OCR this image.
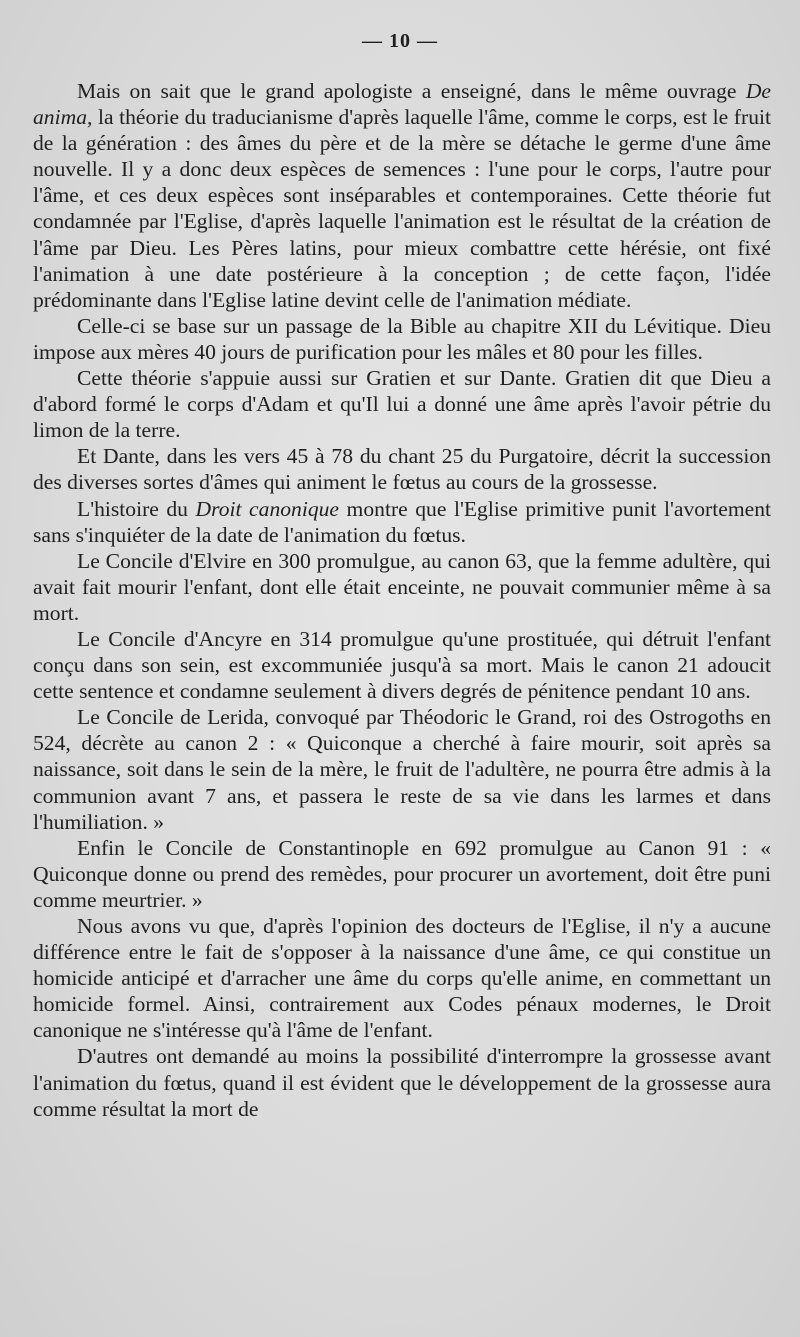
— 10 —

Mais on sait que le grand apologiste a enseigné, dans le même ouvrage De anima, la théorie du traducianisme d'après laquelle l'âme, comme le corps, est le fruit de la génération : des âmes du père et de la mère se détache le germe d'une âme nouvelle. Il y a donc deux espèces de semences : l'une pour le corps, l'autre pour l'âme, et ces deux espèces sont inséparables et contemporaines. Cette théorie fut condamnée par l'Eglise, d'après laquelle l'animation est le résultat de la création de l'âme par Dieu. Les Pères latins, pour mieux combattre cette hérésie, ont fixé l'animation à une date postérieure à la conception ; de cette façon, l'idée prédominante dans l'Eglise latine devint celle de l'animation médiate.

Celle-ci se base sur un passage de la Bible au chapitre XII du Lévitique. Dieu impose aux mères 40 jours de purification pour les mâles et 80 pour les filles.

Cette théorie s'appuie aussi sur Gratien et sur Dante. Gratien dit que Dieu a d'abord formé le corps d'Adam et qu'Il lui a donné une âme après l'avoir pétrie du limon de la terre.

Et Dante, dans les vers 45 à 78 du chant 25 du Purgatoire, décrit la succession des diverses sortes d'âmes qui animent le fœtus au cours de la grossesse.

L'histoire du Droit canonique montre que l'Eglise primitive punit l'avortement sans s'inquiéter de la date de l'animation du fœtus.

Le Concile d'Elvire en 300 promulgue, au canon 63, que la femme adultère, qui avait fait mourir l'enfant, dont elle était enceinte, ne pouvait communier même à sa mort.

Le Concile d'Ancyre en 314 promulgue qu'une prostituée, qui détruit l'enfant conçu dans son sein, est excommuniée jusqu'à sa mort. Mais le canon 21 adoucit cette sentence et condamne seulement à divers degrés de pénitence pendant 10 ans.

Le Concile de Lerida, convoqué par Théodoric le Grand, roi des Ostrogoths en 524, décrète au canon 2 : « Quiconque a cherché à faire mourir, soit après sa naissance, soit dans le sein de la mère, le fruit de l'adultère, ne pourra être admis à la communion avant 7 ans, et passera le reste de sa vie dans les larmes et dans l'humiliation. »

Enfin le Concile de Constantinople en 692 promulgue au Canon 91 : « Quiconque donne ou prend des remèdes, pour procurer un avortement, doit être puni comme meurtrier. »

Nous avons vu que, d'après l'opinion des docteurs de l'Eglise, il n'y a aucune différence entre le fait de s'opposer à la naissance d'une âme, ce qui constitue un homicide anticipé et d'arracher une âme du corps qu'elle anime, en commettant un homicide formel. Ainsi, contrairement aux Codes pénaux modernes, le Droit canonique ne s'intéresse qu'à l'âme de l'enfant.

D'autres ont demandé au moins la possibilité d'interrompre la grossesse avant l'animation du fœtus, quand il est évident que le développement de la grossesse aura comme résultat la mort de
